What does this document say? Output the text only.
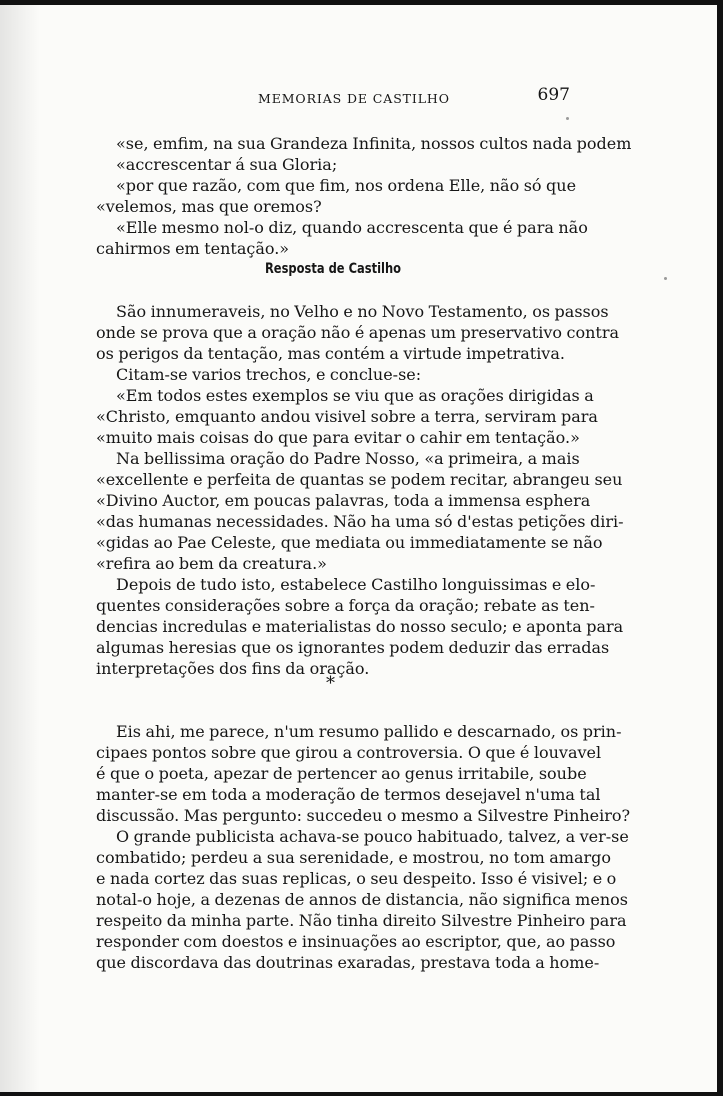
MEMORIAS DE CASTILHO	697
«se, emfim, na sua Grandeza Infinita, nossos cultos nada podem
«accrescentar á sua Gloria;
«por que razão, com que fim, nos ordena Elle, não só que
«velemos, mas que oremos?
«Elle mesmo nol-o diz, quando accrescenta que é para não
cahirmos em tentação.»
Resposta de Castilho
São innumeraveis, no Velho e no Novo Testamento, os passos
onde se prova que a oração não é apenas um preservativo contra
os perigos da tentação, mas contém a virtude impetrativa.
Citam-se varios trechos, e conclue-se:
«Em todos estes exemplos se viu que as orações dirigidas a
«Christo, emquanto andou visivel sobre a terra, serviram para
«muito mais coisas do que para evitar o cahir em tentação.»
Na bellissima oração do Padre Nosso, «a primeira, a mais
«excellente e perfeita de quantas se podem recitar, abrangeu seu
«Divino Auctor, em poucas palavras, toda a immensa esphera
«das humanas necessidades. Não ha uma só d'estas petições diri-
«gidas ao Pae Celeste, que mediata ou immediatamente se não
«refira ao bem da creatura.»
Depois de tudo isto, estabelece Castilho longuissimas e elo-
quentes considerações sobre a força da oração; rebate as ten-
dencias incredulas e materialistas do nosso seculo; e aponta para
algumas heresias que os ignorantes podem deduzir das erradas
interpretações dos fins da oração.
*
Eis ahi, me parece, n'um resumo pallido e descarnado, os prin-
cipaes pontos sobre que girou a controversia. O que é louvavel
é que o poeta, apezar de pertencer ao genus irritabile, soube
manter-se em toda a moderação de termos desejavel n'uma tal
discussão. Mas pergunto: succedeu o mesmo a Silvestre Pinheiro?
O grande publicista achava-se pouco habituado, talvez, a ver-se
combatido; perdeu a sua serenidade, e mostrou, no tom amargo
e nada cortez das suas replicas, o seu despeito. Isso é visivel; e o
notal-o hoje, a dezenas de annos de distancia, não significa menos
respeito da minha parte. Não tinha direito Silvestre Pinheiro para
responder com doestos e insinuações ao escriptor, que, ao passo
que discordava das doutrinas exaradas, prestava toda a home-
